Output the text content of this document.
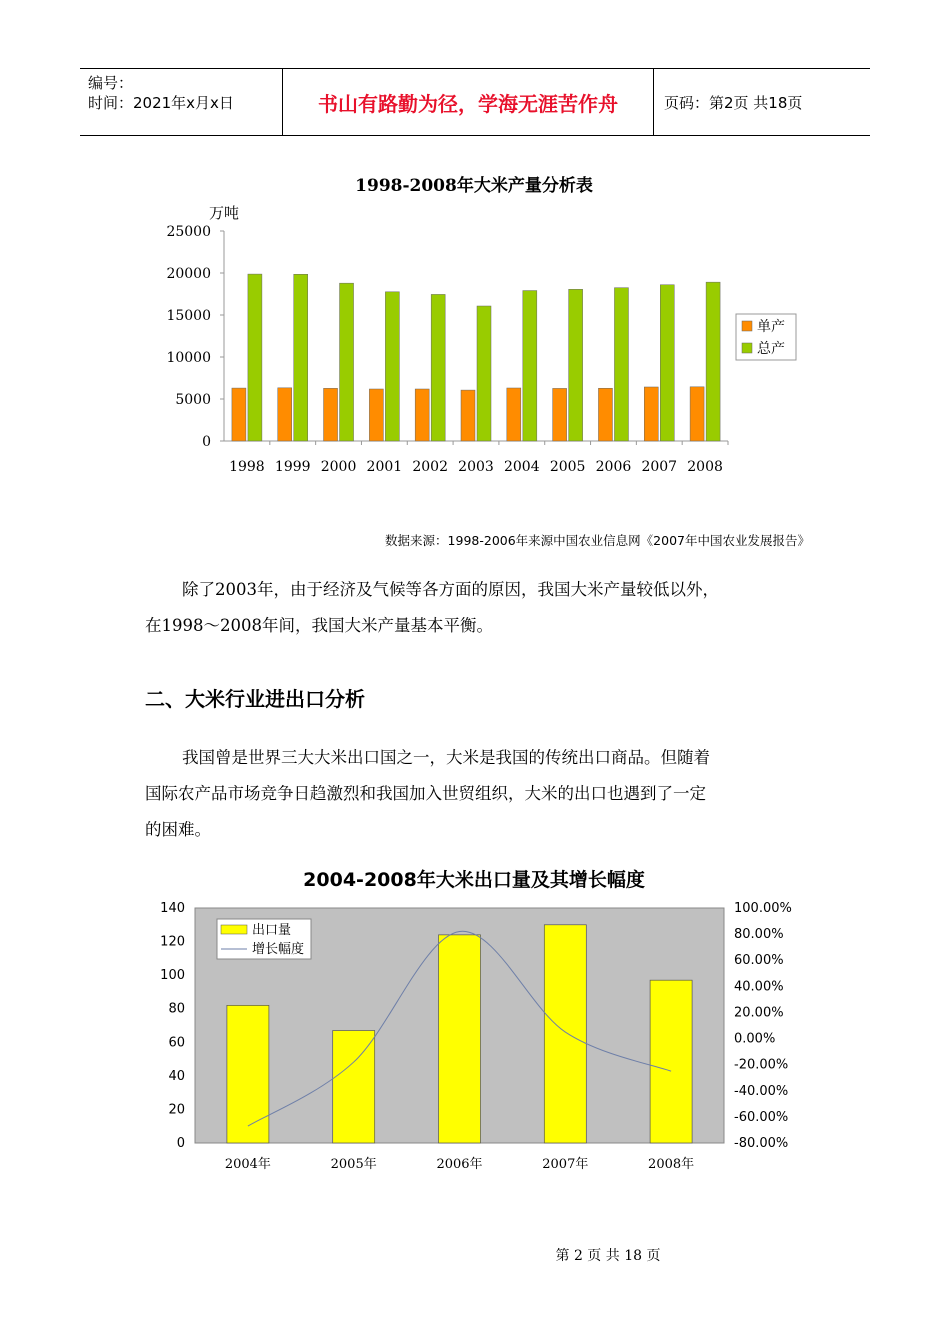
编号：
时间：2021年x月x日	书山有路勤为径，学海无涯苦作舟	页码：第2页 共18页
1998-2008年大米产量分析表
万吨
1998 1999 2000 2001 2002 2003 2004 2005 2006 2007 2008
0
5000
10000
15000
20000
25000
单产
总产
数据来源：1998-2006年来源中国农业信息网《2007年中国农业发展报告》
除了2003年，由于经济及气候等各方面的原因，我国大米产量较低以外，
在1998～2008年间，我国大米产量基本平衡。
二、大米行业进出口分析
我国曾是世界三大大米出口国之一，大米是我国的传统出口商品。但随着
国际农产品市场竞争日趋激烈和我国加入世贸组织，大米的出口也遇到了一定
的困难。
2004-2008年大米出口量及其增长幅度
0
20
40
60
80
100
120
140
-80.00%
-60.00%
-40.00%
-20.00%
0.00%
20.00%
40.00%
60.00%
80.00%
100.00%
2004年	2005年	2006年	2007年	2008年
出口量
增长幅度
第 2 页 共 18 页
